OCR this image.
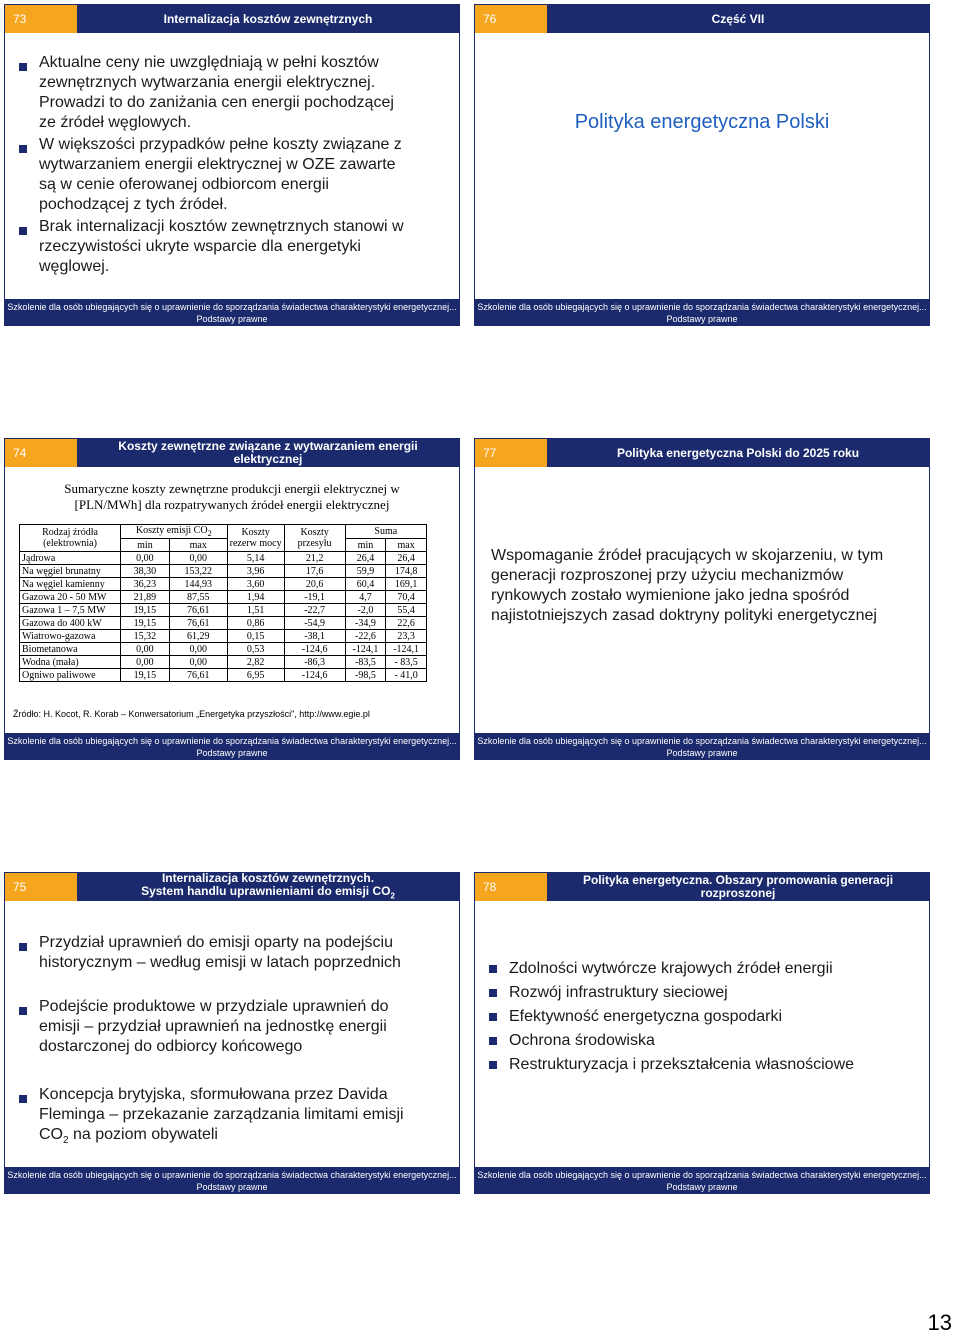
73	Internalizacja kosztów zewnętrznych
Aktualne ceny nie uwzględniają w pełni kosztów zewnętrznych wytwarzania energii elektrycznej. Prowadzi to do zaniżania cen energii pochodzącej ze źródeł węglowych.
W większości przypadków pełne koszty związane z wytwarzaniem energii elektrycznej w OZE zawarte są w cenie oferowanej odbiorcom energii pochodzącej z tych źródeł.
Brak internalizacji kosztów zewnętrznych stanowi w rzeczywistości ukryte wsparcie dla energetyki węglowej.
Szkolenie dla osób ubiegających się o uprawnienie do sporządzania świadectwa charakterystyki energetycznej...
Podstawy prawne
76	Część VII
Polityka energetyczna Polski
Szkolenie dla osób ubiegających się o uprawnienie do sporządzania świadectwa charakterystyki energetycznej...
Podstawy prawne
74	Koszty zewnętrzne związane z wytwarzaniem energii elektrycznej
Sumaryczne koszty zewnętrzne produkcji energii elektrycznej w
[PLN/MWh] dla rozpatrywanych źródeł energii elektrycznej
Rodzaj źródła (elektrownia)	Koszty emisji $CO_2$		Koszty rezerw mocy	Koszty przesyłu	Suma	
	min	max			min	max
Jądrowa	0,00	0,00	5,14	21,2	26,4	26,4
Na węgiel brunatny	38,30	153,22	3,96	17,6	59,9	174,8
Na węgiel kamienny	36,23	144,93	3,60	20,6	60,4	169,1
Gazowa 20 - 50 MW	21,89	87,55	1,94	-19,1	4,7	70,4
Gazowa 1 – 7,5 MW	19,15	76,61	1,51	-22,7	-2,0	55,4
Gazowa do 400 kW	19,15	76,61	0,86	-54,9	-34,9	22,6
Wiatrowo-gazowa	15,32	61,29	0,15	-38,1	-22,6	23,3
Biometanowa	0,00	0,00	0,53	-124,6	-124,1	-124,1
Wodna (mała)	0,00	0,00	2,82	-86,3	-83,5	- 83,5
Ogniwo paliwowe	19,15	76,61	6,95	-124,6	-98,5	- 41,0
Źródło: H. Kocot, R. Korab – Konwersatorium „Energetyka przyszłości", http://www.egie.pl
Szkolenie dla osób ubiegających się o uprawnienie do sporządzania świadectwa charakterystyki energetycznej...
Podstawy prawne
77	Polityka energetyczna Polski do 2025 roku
Wspomaganie źródeł pracujących w skojarzeniu, w tym generacji rozproszonej przy użyciu mechanizmów rynkowych zostało wymienione jako jedna spośród najistotniejszych zasad doktryny polityki energetycznej
Szkolenie dla osób ubiegających się o uprawnienie do sporządzania świadectwa charakterystyki energetycznej...
Podstawy prawne
75
Internalizacja kosztów zewnętrznych.
System handlu uprawnieniami do emisji $CO_2$
Przydział uprawnień do emisji oparty na podejściu historycznym – według emisji w latach poprzednich
Podejście produktowe w przydziale uprawnień do emisji – przydział uprawnień na jednostkę energii dostarczonej do odbiorcy końcowego
Koncepcja brytyjska, sformułowana przez Davida Fleminga – przekazanie zarządzania limitami emisji $CO_2$ na poziom obywateli
Szkolenie dla osób ubiegających się o uprawnienie do sporządzania świadectwa charakterystyki energetycznej...
Podstawy prawne
78	Polityka energetyczna. Obszary promowania generacji rozproszonej
Zdolności wytwórcze krajowych źródeł energii
Rozwój infrastruktury sieciowej
Efektywność energetyczna gospodarki
Ochrona środowiska
Restrukturyzacja i przekształcenia własnościowe
Szkolenie dla osób ubiegających się o uprawnienie do sporządzania świadectwa charakterystyki energetycznej...
Podstawy prawne
13
